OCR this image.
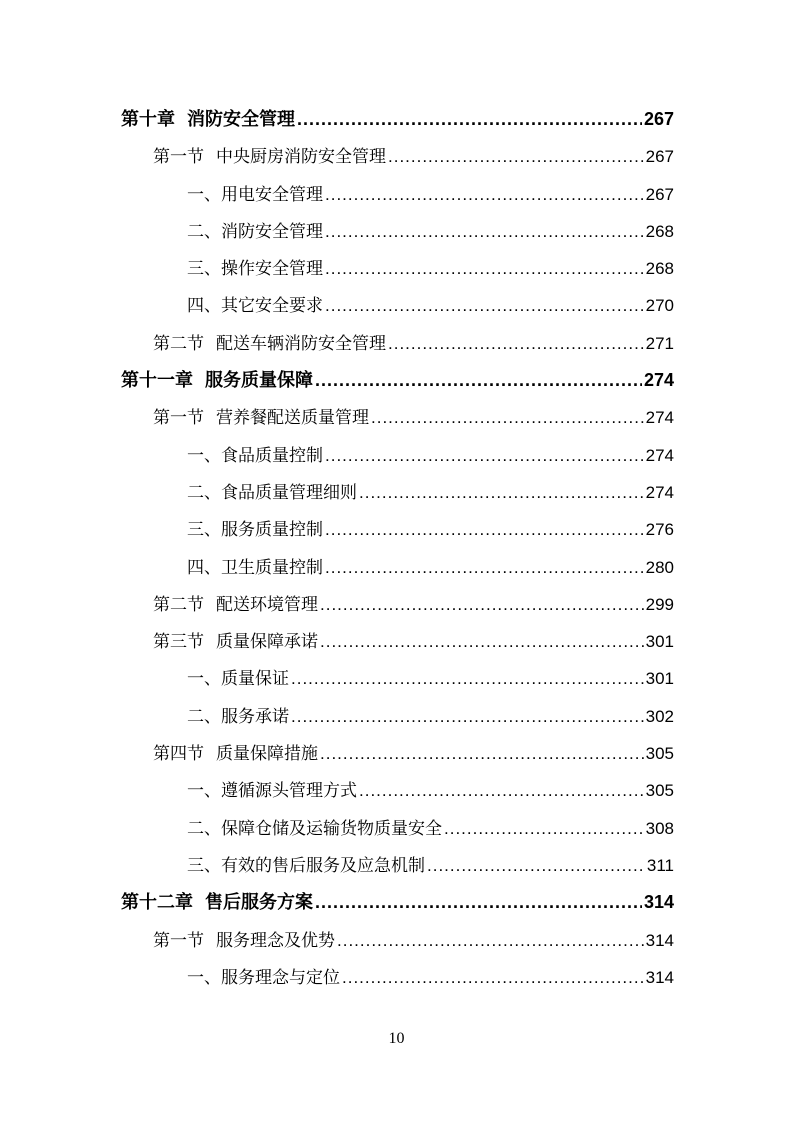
第十章 消防安全管理 .....	267
第一节 中央厨房消防安全管理 .....	267
一、用电安全管理 .....	267
二、消防安全管理 .....	268
三、操作安全管理 .....	268
四、其它安全要求 .....	270
第二节 配送车辆消防安全管理 .....	271
第十一章 服务质量保障 .....	274
第一节 营养餐配送质量管理 .....	274
一、食品质量控制 .....	274
二、食品质量管理细则 .....	274
三、服务质量控制 .....	276
四、卫生质量控制 .....	280
第二节 配送环境管理 .....	299
第三节 质量保障承诺 .....	301
一、质量保证 .....	301
二、服务承诺 .....	302
第四节 质量保障措施 .....	305
一、遵循源头管理方式 .....	305
二、保障仓储及运输货物质量安全 .....	308
三、有效的售后服务及应急机制 .....	311
第十二章 售后服务方案 .....	314
第一节 服务理念及优势 .....	314
一、服务理念与定位 .....	314
10
